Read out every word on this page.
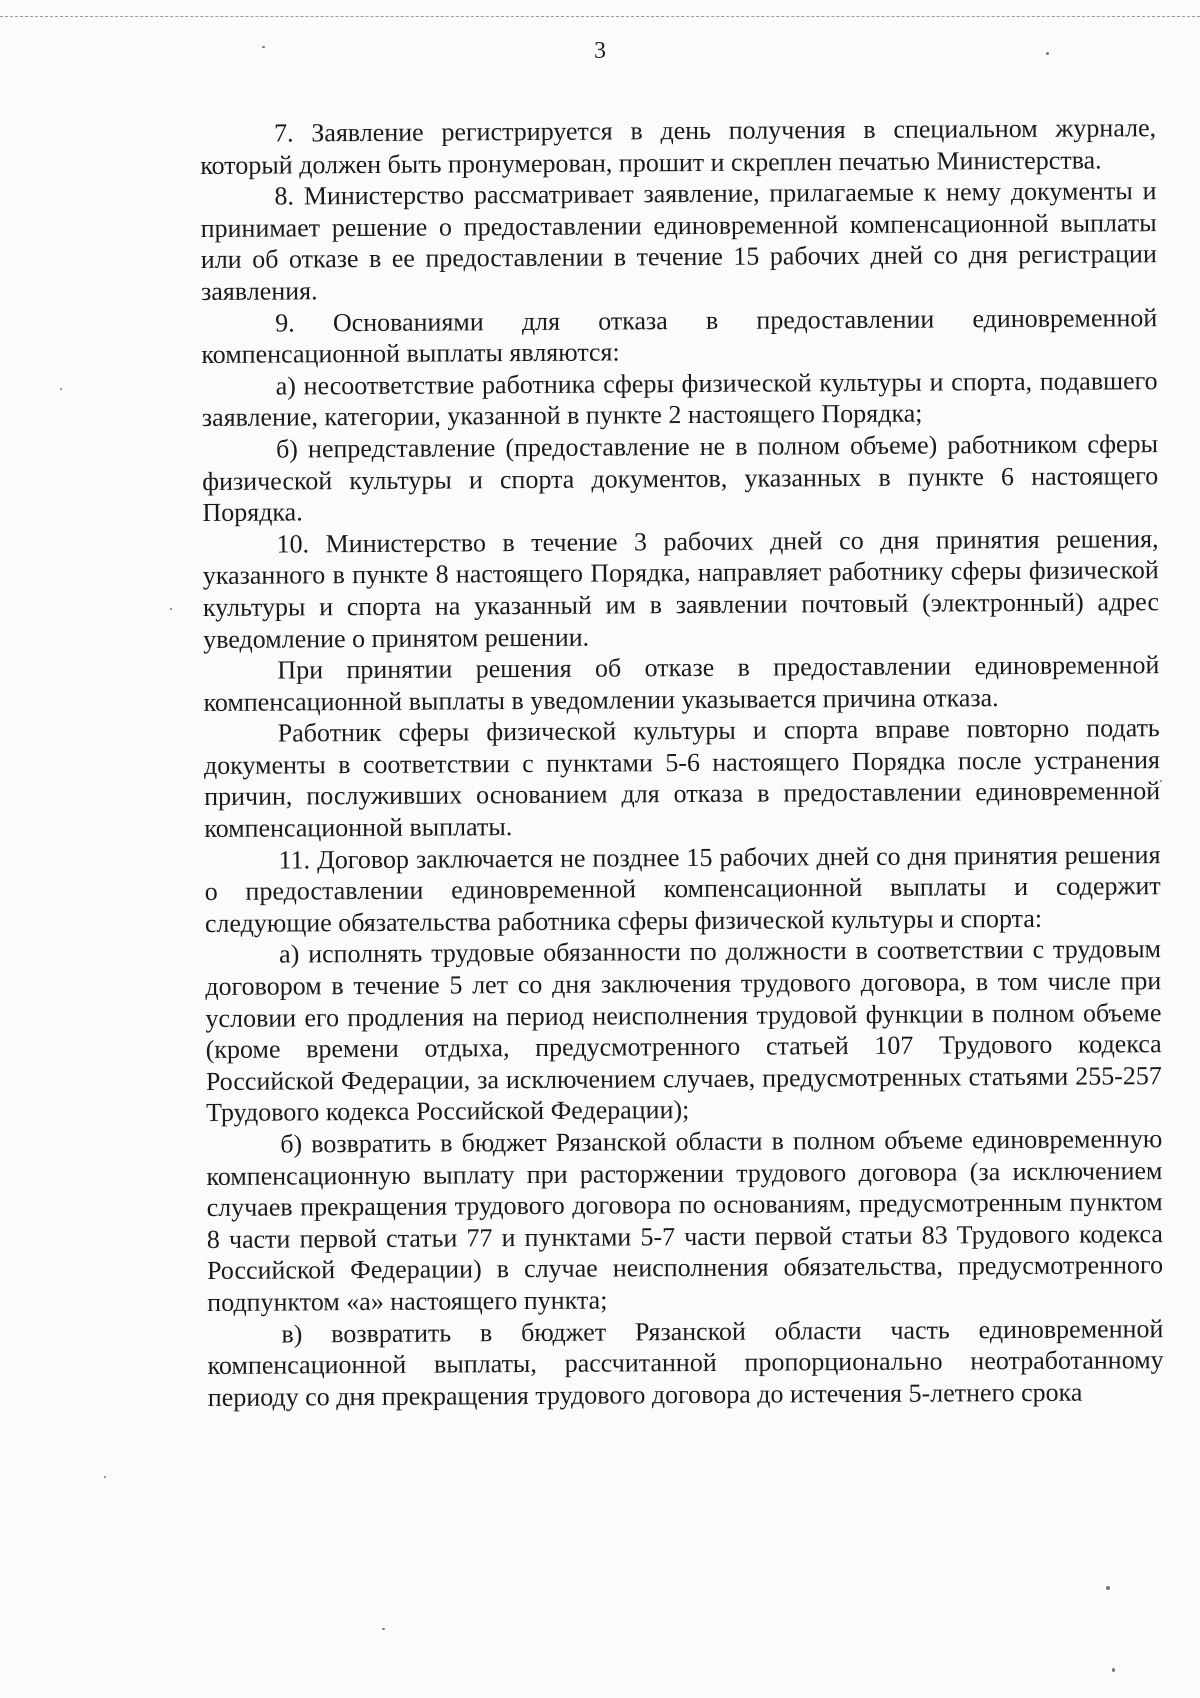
3

7. Заявление регистрируется в день получения в специальном журнале, который должен быть пронумерован, прошит и скреплен печатью Министерства.

8. Министерство рассматривает заявление, прилагаемые к нему документы и принимает решение о предоставлении единовременной компенсационной выплаты или об отказе в ее предоставлении в течение 15 рабочих дней со дня регистрации заявления.

9. Основаниями для отказа в предоставлении единовременной компенсационной выплаты являются:

а) несоответствие работника сферы физической культуры и спорта, подавшего заявление, категории, указанной в пункте 2 настоящего Порядка;

б) непредставление (предоставление не в полном объеме) работником сферы физической культуры и спорта документов, указанных в пункте 6 настоящего Порядка.

10. Министерство в течение 3 рабочих дней со дня принятия решения, указанного в пункте 8 настоящего Порядка, направляет работнику сферы физической культуры и спорта на указанный им в заявлении почтовый (электронный) адрес уведомление о принятом решении.

При принятии решения об отказе в предоставлении единовременной компенсационной выплаты в уведомлении указывается причина отказа.

Работник сферы физической культуры и спорта вправе повторно подать документы в соответствии с пунктами 5-6 настоящего Порядка после устранения причин, послуживших основанием для отказа в предоставлении единовременной компенсационной выплаты.

11. Договор заключается не позднее 15 рабочих дней со дня принятия решения о предоставлении единовременной компенсационной выплаты и содержит следующие обязательства работника сферы физической культуры и спорта:

а) исполнять трудовые обязанности по должности в соответствии с трудовым договором в течение 5 лет со дня заключения трудового договора, в том числе при условии его продления на период неисполнения трудовой функции в полном объеме (кроме времени отдыха, предусмотренного статьей 107 Трудового кодекса Российской Федерации, за исключением случаев, предусмотренных статьями 255-257 Трудового кодекса Российской Федерации);

б) возвратить в бюджет Рязанской области в полном объеме единовременную компенсационную выплату при расторжении трудового договора (за исключением случаев прекращения трудового договора по основаниям, предусмотренным пунктом 8 части первой статьи 77 и пунктами 5-7 части первой статьи 83 Трудового кодекса Российской Федерации) в случае неисполнения обязательства, предусмотренного подпунктом «а» настоящего пункта;

в) возвратить в бюджет Рязанской области часть единовременной компенсационной выплаты, рассчитанной пропорционально неотработанному периоду со дня прекращения трудового договора до истечения 5-летнего срока
